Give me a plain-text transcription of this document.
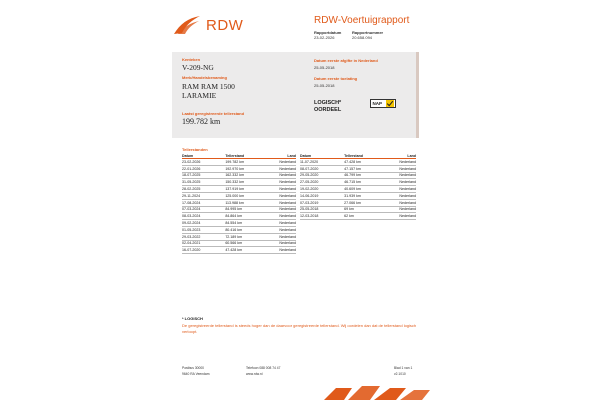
RDW	RDW-Voertuigrapport
Rapportdatum
23-02-2026
Rapportnummer
20.658.094
Kenteken
V-209-NG
Merk/Handelsbenaming
RAM RAM 1500
LARAMIE
Laatst geregistreerde tellerstand
199.782 km
Datum eerste afgifte in Nederland
25-05-2018
Datum eerste toelating
25-05-2018
LOGISCH*
OORDEEL
NAP
Tellerstanden
Datum	Tellerstand	Land
23-02-2026	199.782 km	Nederland
22-01-2026	192.970 km	Nederland
18-07-2025	162.332 km	Nederland
31-05-2025	150.332 km	Nederland
28-02-2025	137.919 km	Nederland
29-11-2024	125.000 km	Nederland
17-08-2024	113.988 km	Nederland
07-03-2024	84.995 km	Nederland
08-03-2024	84.864 km	Nederland
09-02-2024	84.554 km	Nederland
01-05-2023	80.416 km	Nederland
29-03-2022	72.189 km	Nederland
02-04-2021	60.566 km	Nederland
16-07-2020	47.428 km	Nederland
Datum	Tellerstand	Land
11-07-2020	47.428 km	Nederland
08-07-2020	47.157 km	Nederland
29-05-2020	46.799 km	Nederland
27-05-2020	46.715 km	Nederland
19-02-2020	40.609 km	Nederland
14-06-2019	31.939 km	Nederland
07-03-2019	27.066 km	Nederland
25-05-2018	69 km	Nederland
12-03-2018	62 km	Nederland
* LOGISCH
De geregistreerde tellerstand is steeds hoger dan de daarvoor geregistreerde tellerstand. Wij oordelen dan dat de tellerstand logisch verloopt.
Postbus 30000
9640 RA Veendam
Telefoon 088 008 74 47
www.rdw.nl
Blad 1 van 1
v2.1010
